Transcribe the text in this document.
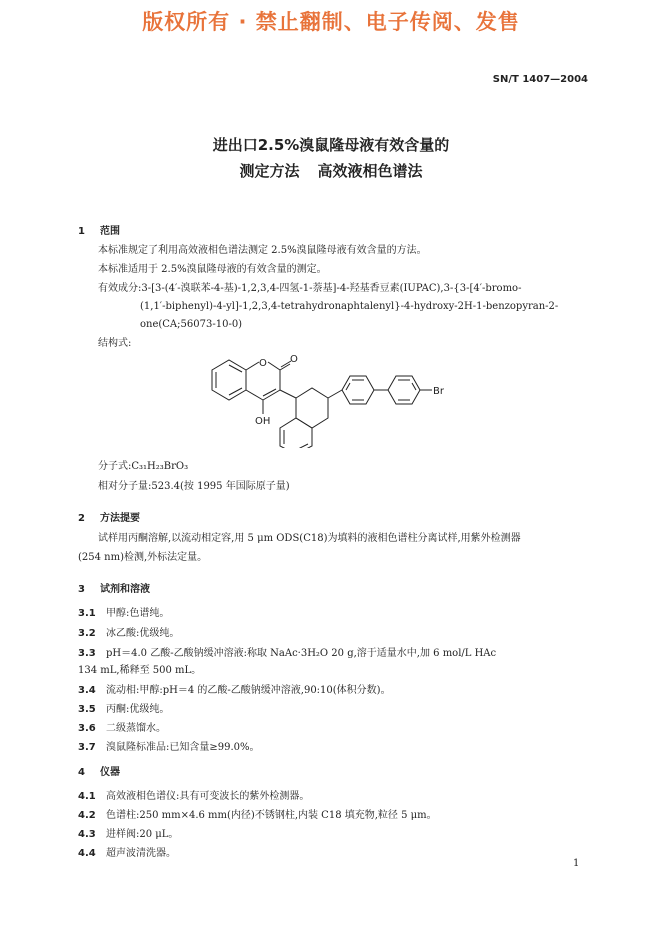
版权所有 · 禁止翻制、电子传阅、发售
SN/T 1407—2004
进出口2.5%溴鼠隆母液有效含量的
测定方法 高效液相色谱法
1 范围
本标准规定了利用高效液相色谱法测定 2.5%溴鼠隆母液有效含量的方法。
本标准适用于 2.5%溴鼠隆母液的有效含量的测定。
有效成分:3-[3-(4′-溴联苯-4-基)-1,2,3,4-四氢-1-萘基]-4-羟基香豆素(IUPAC),3-{3-[4′-bromo-
(1,1′-biphenyl)-4-yl]-1,2,3,4-tetrahydronaphtalenyl}-4-hydroxy-2H-1-benzopyran-2-
one(CA;56073-10-0)
结构式:
O O
OH
Br
分子式:C₃₁H₂₃BrO₃
相对分子量:523.4(按 1995 年国际原子量)
2 方法提要
试样用丙酮溶解,以流动相定容,用 5 μm ODS(C18)为填料的液相色谱柱分离试样,用紫外检测器
(254 nm)检测,外标法定量。
3 试剂和溶液
3.1 甲醇:色谱纯。
3.2 冰乙酸:优级纯。
3.3 pH＝4.0 乙酸-乙酸钠缓冲溶液:称取 NaAc·3H₂O 20 g,溶于适量水中,加 6 mol/L HAc
134 mL,稀释至 500 mL。
3.4 流动相:甲醇:pH＝4 的乙酸-乙酸钠缓冲溶液,90:10(体积分数)。
3.5 丙酮:优级纯。
3.6 二级蒸馏水。
3.7 溴鼠隆标准品:已知含量≥99.0%。
4 仪器
4.1 高效液相色谱仪:具有可变波长的紫外检测器。
4.2 色谱柱:250 mm×4.6 mm(内径)不锈钢柱,内装 C18 填充物,粒径 5 μm。
4.3 进样阀:20 μL。
4.4 超声波清洗器。
1
